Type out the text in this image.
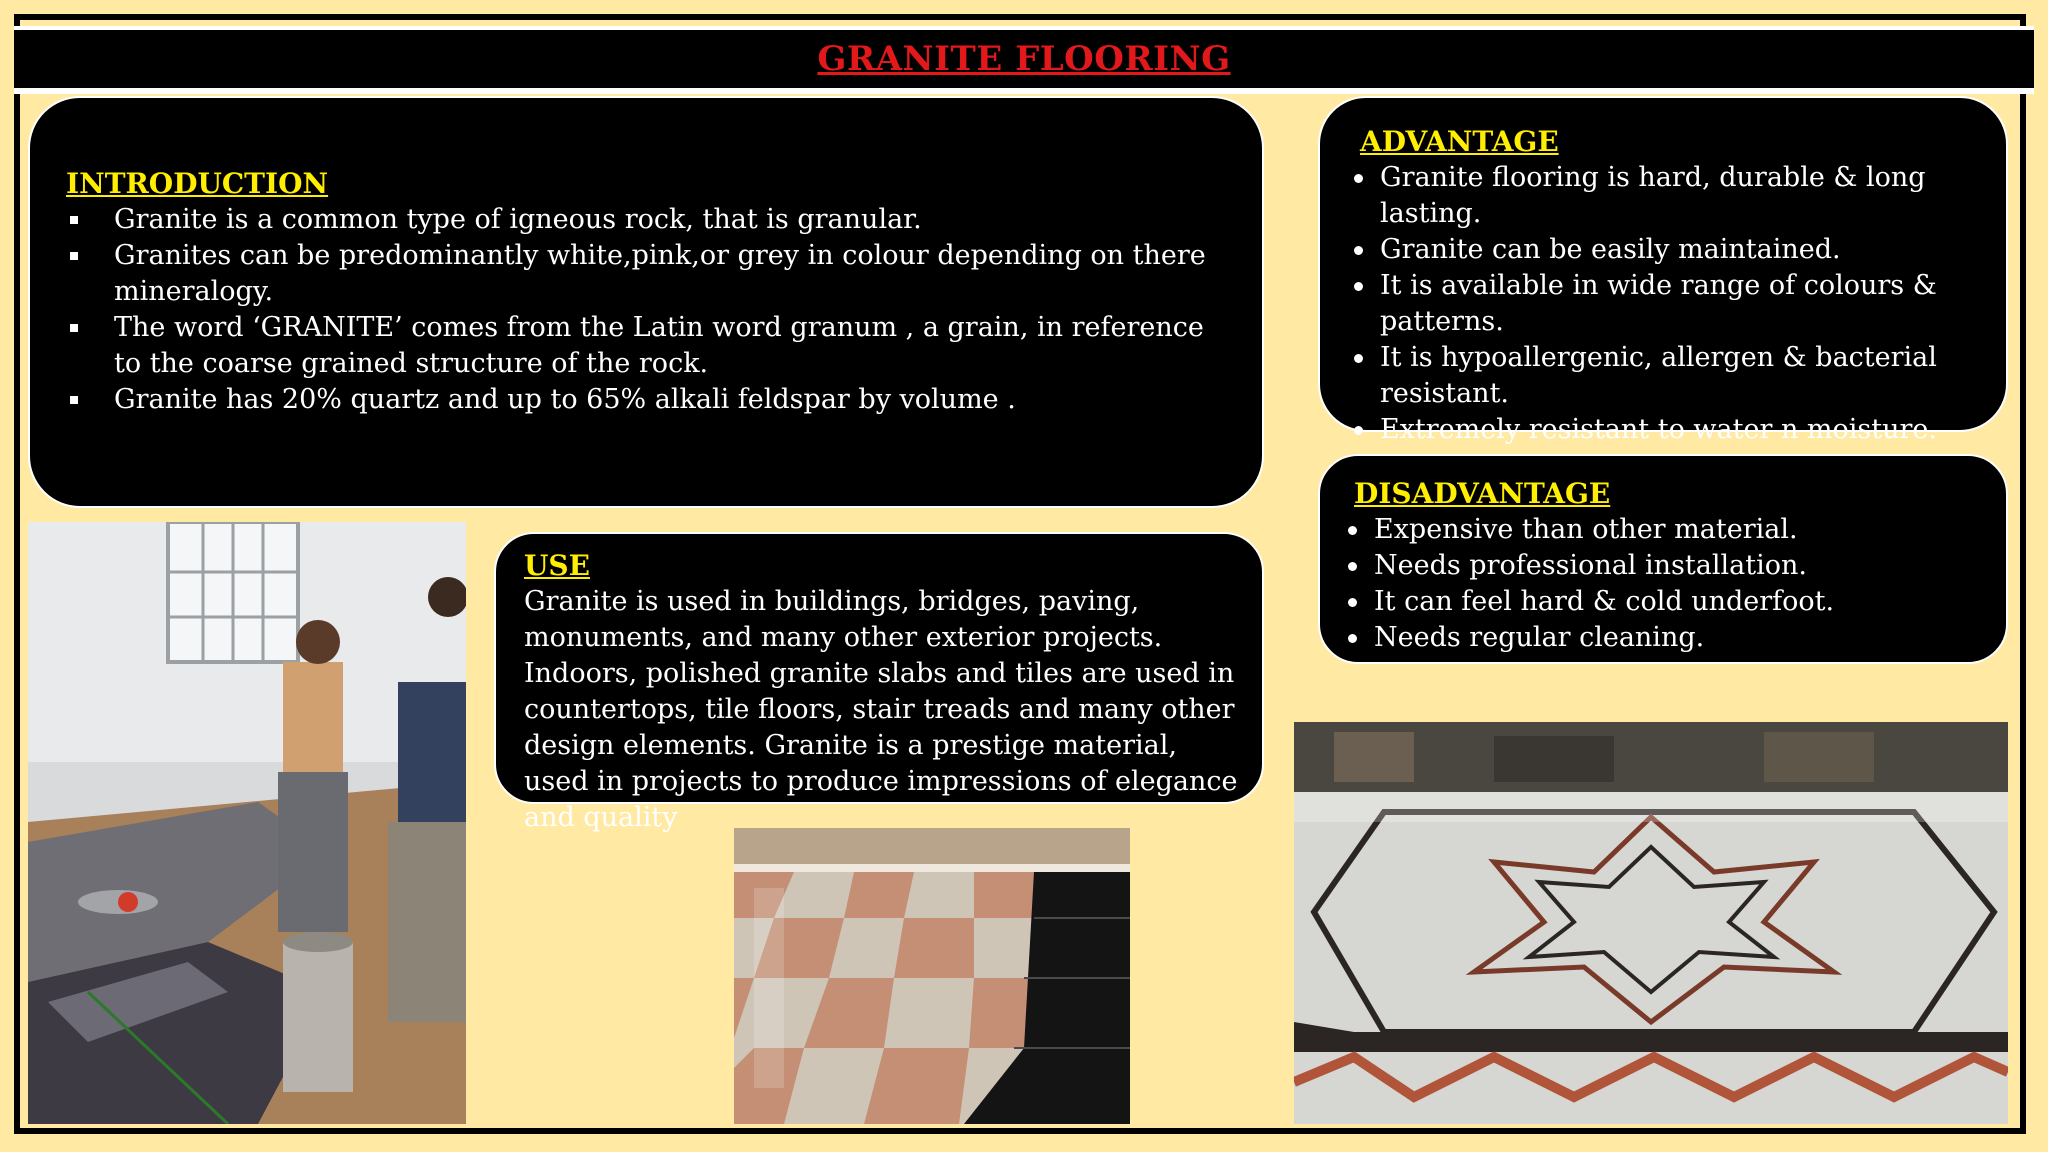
GRANITE FLOORING
INTRODUCTION
Granite is a common type of igneous rock, that is granular.
Granites can be predominantly white,pink,or grey in colour depending on there mineralogy.
The word ‘GRANITE’ comes from the Latin word granum , a grain, in reference to the coarse grained structure of the rock.
Granite has 20% quartz and up to 65% alkali feldspar by volume .
ADVANTAGE
Granite flooring is hard, durable & long lasting.
Granite can be easily maintained.
It is available in wide range of colours & patterns.
It is hypoallergenic, allergen & bacterial resistant.
Extremely resistant to water n moisture.
DISADVANTAGE
Expensive than other material.
Needs professional installation.
It can feel hard & cold underfoot.
Needs regular cleaning.
USE
Granite is used in buildings, bridges, paving, monuments, and many other exterior projects. Indoors, polished granite slabs and tiles are used in countertops, tile floors, stair treads and many other design elements. Granite is a prestige material, used in projects to produce impressions of elegance and quality
